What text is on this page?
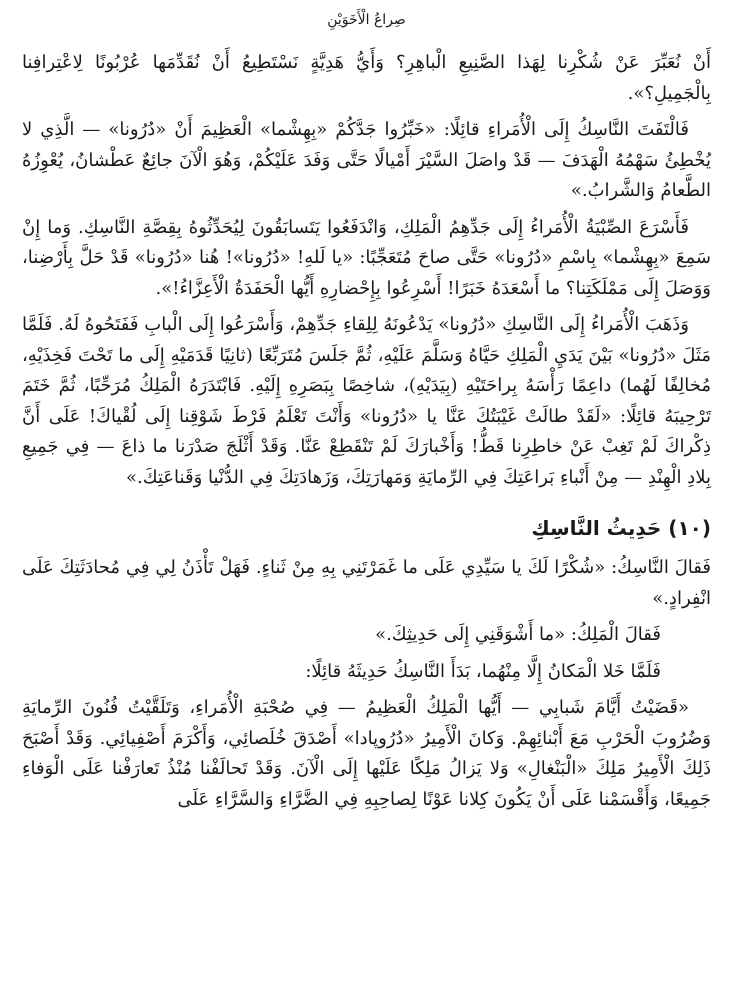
صِراعُ الْأَخَوَيْنِ

أَنْ نُعَبِّرَ عَنْ شُكْرِنا لِهَذا الصَّنِيعِ الْباهِرِ؟ وَأَيُّ هَدِيَّةٍ نَسْتَطِيعُ أَنْ نُقَدِّمَها عُرْبُونًا لِاعْتِرافِنا بِالْجَمِيلِ؟».

فَالْتَفَتَ النَّاسِكُ إِلَى الْأُمَراءِ قائِلًا: «خَبِّرُوا جَدَّكُمْ «بِهِشْما» الْعَظِيمَ أَنْ «دُرُونا» — الَّذِي لا يُخْطِئُ سَهْمُهُ الْهَدَفَ — قَدْ واصَلَ السَّيْرَ أَمْيالًا حَتَّى وَفَدَ عَلَيْكُمْ، وَهُوَ الْآنَ جائِعٌ عَطْشانُ، يُعْوِزُهُ الطَّعامُ وَالشَّرابُ.»

فَأَسْرَعَ الصِّبْيَةُ الْأُمَراءُ إِلَى جَدِّهِمُ الْمَلِكِ، وَانْدَفَعُوا يَتَسابَقُونَ لِيُحَدِّثُوهُ بِقِصَّةِ النَّاسِكِ. وَما إِنْ سَمِعَ «بِهِشْما» بِاسْمِ «دُرُونا» حَتَّى صاحَ مُتَعَجِّبًا: «يا لَلهِ! «دُرُونا»! هُنا «دُرُونا» قَدْ حَلَّ بِأَرْضِنا، وَوَصَلَ إِلَى مَمْلَكَتِنا؟ ما أَسْعَدَهُ خَبَرًا! أَسْرِعُوا بِإِحْضارِهِ أَيُّها الْحَفَدَةُ الْأَعِزَّاءُ!».

وَذَهَبَ الْأُمَراءُ إِلَى النَّاسِكِ «دُرُونا» يَدْعُونَهُ لِلِقاءِ جَدِّهِمْ، وَأَسْرَعُوا إِلَى الْبابِ فَفَتَحُوهُ لَهُ. فَلَمَّا مَثَلَ «دُرُونا» بَيْنَ يَدَيِ الْمَلِكِ حَيَّاهُ وَسَلَّمَ عَلَيْهِ، ثُمَّ جَلَسَ مُتَرَبِّعًا (ثانِيًا قَدَمَيْهِ إِلَى ما تَحْتَ فَخِذَيْهِ، مُخالِفًا لَهُما) داعِمًا رَأْسَهُ بِراحَتَيْهِ (بِيَدَيْهِ)، شاخِصًا بِبَصَرِهِ إِلَيْهِ. فَابْتَدَرَهُ الْمَلِكُ مُرَحِّبًا، ثُمَّ خَتَمَ تَرْحِيبَهُ قائِلًا: «لَقَدْ طالَتْ غَيْبَتُكَ عَنَّا يا «دُرُونا» وَأَنْتَ تَعْلَمُ فَرْطَ شَوْقِنا إِلَى لُقْياكَ! عَلَى أَنَّ ذِكْراكَ لَمْ تَغِبْ عَنْ خاطِرِنا قَطُّ! وَأَخْبارَكَ لَمْ تَنْقَطِعْ عَنَّا. وَقَدْ أَثْلَجَ صَدْرَنا ما ذاعَ — فِي جَمِيعِ بِلادِ الْهِنْدِ — مِنْ أَنْباءِ بَراعَتِكَ فِي الرِّمايَةِ وَمَهارَتِكَ، وَزَهادَتِكَ فِي الدُّنْيا وَقَناعَتِكَ.»

(١٠) حَدِيثُ النَّاسِكِ

فَقالَ النَّاسِكُ: «شُكْرًا لَكَ يا سَيِّدِي عَلَى ما غَمَرْتَنِي بِهِ مِنْ ثَناءٍ. فَهَلْ تَأْذَنُ لِي فِي مُحادَثَتِكَ عَلَى انْفِرادٍ.»

فَقالَ الْمَلِكُ: «ما أَشْوَقَنِي إِلَى حَدِيثِكَ.»

فَلَمَّا خَلا الْمَكانُ إِلَّا مِنْهُما، بَدَأَ النَّاسِكُ حَدِيثَهُ قائِلًا:

«قَضَيْتُ أَيَّامَ شَبابِي — أَيُّها الْمَلِكُ الْعَظِيمُ — فِي صُحْبَةِ الْأُمَراءِ، وَتَلَقَّيْتُ فُنُونَ الرِّمايَةِ وَضُرُوبَ الْحَرْبِ مَعَ أَبْنائِهِمْ. وَكانَ الْأَمِيرُ «دُرُوپادا» أَصْدَقَ خُلَصائِي، وَأَكْرَمَ أَصْفِيائِي. وَقَدْ أَصْبَحَ ذَلِكَ الْأَمِيرُ مَلِكَ «الْبَنْغالِ» وَلا يَزالُ مَلِكًا عَلَيْها إِلَى الْآنَ. وَقَدْ تَحالَفْنا مُنْذُ تَعارَفْنا عَلَى الْوَفاءِ جَمِيعًا، وَأَقْسَمْنا عَلَى أَنْ يَكُونَ كِلانا عَوْنًا لِصاحِبِهِ فِي الضَّرَّاءِ وَالسَّرَّاءِ عَلَى
